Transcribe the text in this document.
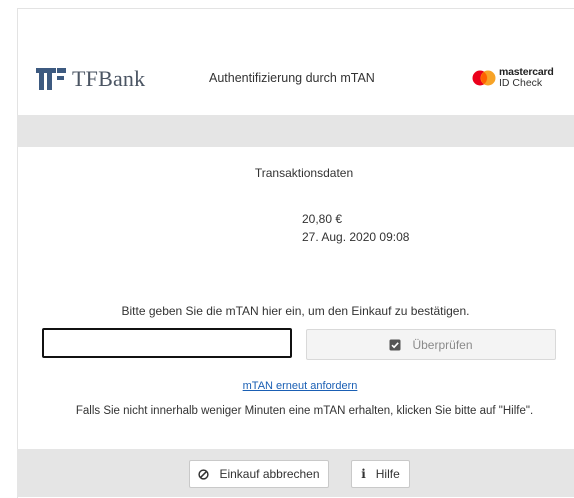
TFBank	Authentifizierung durch mTAN	mastercard
ID Check
Transaktionsdaten
20,80 €
27. Aug. 2020 09:08
Bitte geben Sie die mTAN hier ein, um den Einkauf zu bestätigen.
Überprüfen
mTAN erneut anfordern
Falls Sie nicht innerhalb weniger Minuten eine mTAN erhalten, klicken Sie bitte auf "Hilfe".
Einkauf abbrechen	i Hilfe
